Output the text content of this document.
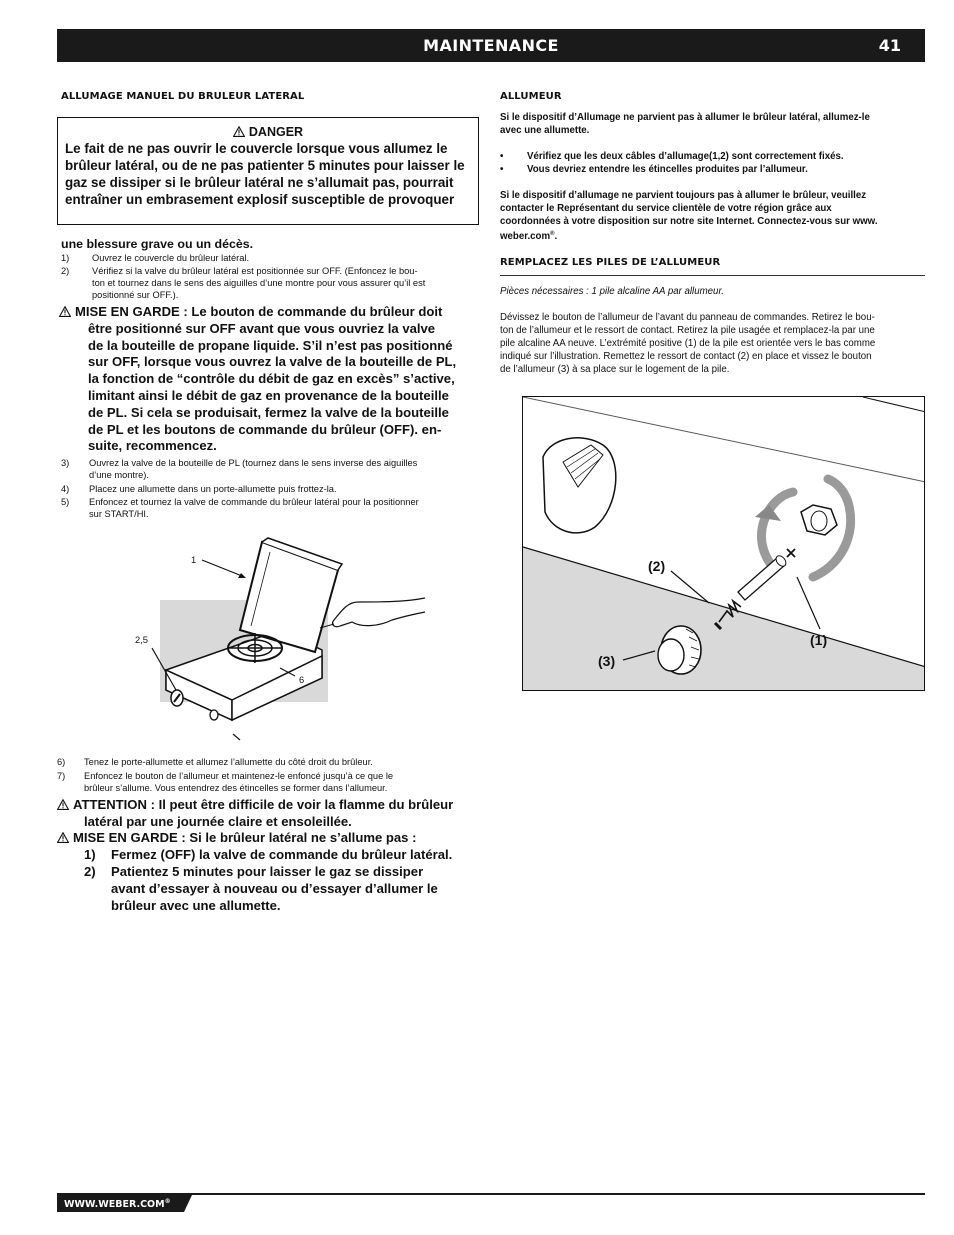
MAINTENANCE	41
ALLUMAGE MANUEL DU BRULEUR LATERAL
DANGER
Le fait de ne pas ouvrir le couvercle lorsque vous allumez le
brûleur latéral, ou de ne pas patienter 5 minutes pour laisser le
gaz se dissiper si le brûleur latéral ne s’allumait pas, pourrait
entraîner un embrasement explosif susceptible de provoquer
une blessure grave ou un décès.
1) Ouvrez le couvercle du brûleur latéral.
2) Vérifiez si la valve du brûleur latéral est positionnée sur OFF. (Enfoncez le bou-
ton et tournez dans le sens des aiguilles d’une montre pour vous assurer qu’il est
positionné sur OFF.).
MISE EN GARDE : Le bouton de commande du brûleur doit
être positionné sur OFF avant que vous ouvriez la valve
de la bouteille de propane liquide. S’il n’est pas positionné
sur OFF, lorsque vous ouvrez la valve de la bouteille de PL,
la fonction de “contrôle du débit de gaz en excès” s’active,
limitant ainsi le débit de gaz en provenance de la bouteille
de PL. Si cela se produisait, fermez la valve de la bouteille
de PL et les boutons de commande du brûleur (OFF). en-
suite, recommencez.
3) Ouvrez la valve de la bouteille de PL (tournez dans le sens inverse des aiguilles
d’une montre).
4) Placez une allumette dans un porte-allumette puis frottez-la.
5) Enfoncez et tournez la valve de commande du brûleur latéral pour la positionner
sur START/HI.
1
2,5
6
6) Tenez le porte-allumette et allumez l’allumette du côté droit du brûleur.
7) Enfoncez le bouton de l’allumeur et maintenez-le enfoncé jusqu’à ce que le
brûleur s’allume. Vous entendrez des étincelles se former dans l’allumeur.
ATTENTION : Il peut être difficile de voir la flamme du brûleur
latéral par une journée claire et ensoleillée.
MISE EN GARDE : Si le brûleur latéral ne s’allume pas :
1) Fermez (OFF) la valve de commande du brûleur latéral.
2) Patientez 5 minutes pour laisser le gaz se dissiper
avant d’essayer à nouveau ou d’essayer d’allumer le
brûleur avec une allumette.
ALLUMEUR
Si le dispositif d’Allumage ne parvient pas à allumer le brûleur latéral, allumez-le
avec une allumette.
• Vérifiez que les deux câbles d’allumage(1,2) sont correctement fixés.
• Vous devriez entendre les étincelles produites par l’allumeur.
Si le dispositif d’allumage ne parvient toujours pas à allumer le brûleur, veuillez
contacter le Représentant du service clientèle de votre région grâce aux
coordonnées à votre disposition sur notre site Internet. Connectez-vous sur www.
weber.com®.
REMPLACEZ LES PILES DE L’ALLUMEUR
Pièces nécessaires : 1 pile alcaline AA par allumeur.
Dévissez le bouton de l’allumeur de l’avant du panneau de commandes. Retirez le bou-
ton de l’allumeur et le ressort de contact. Retirez la pile usagée et remplacez-la par une
pile alcaline AA neuve. L’extrémité positive (1) de la pile est orientée vers le bas comme
indiqué sur l’illustration. Remettez le ressort de contact (2) en place et vissez le bouton
de l’allumeur (3) à sa place sur le logement de la pile.
(2)
(1)
(3)
WWW.WEBER.COM®
